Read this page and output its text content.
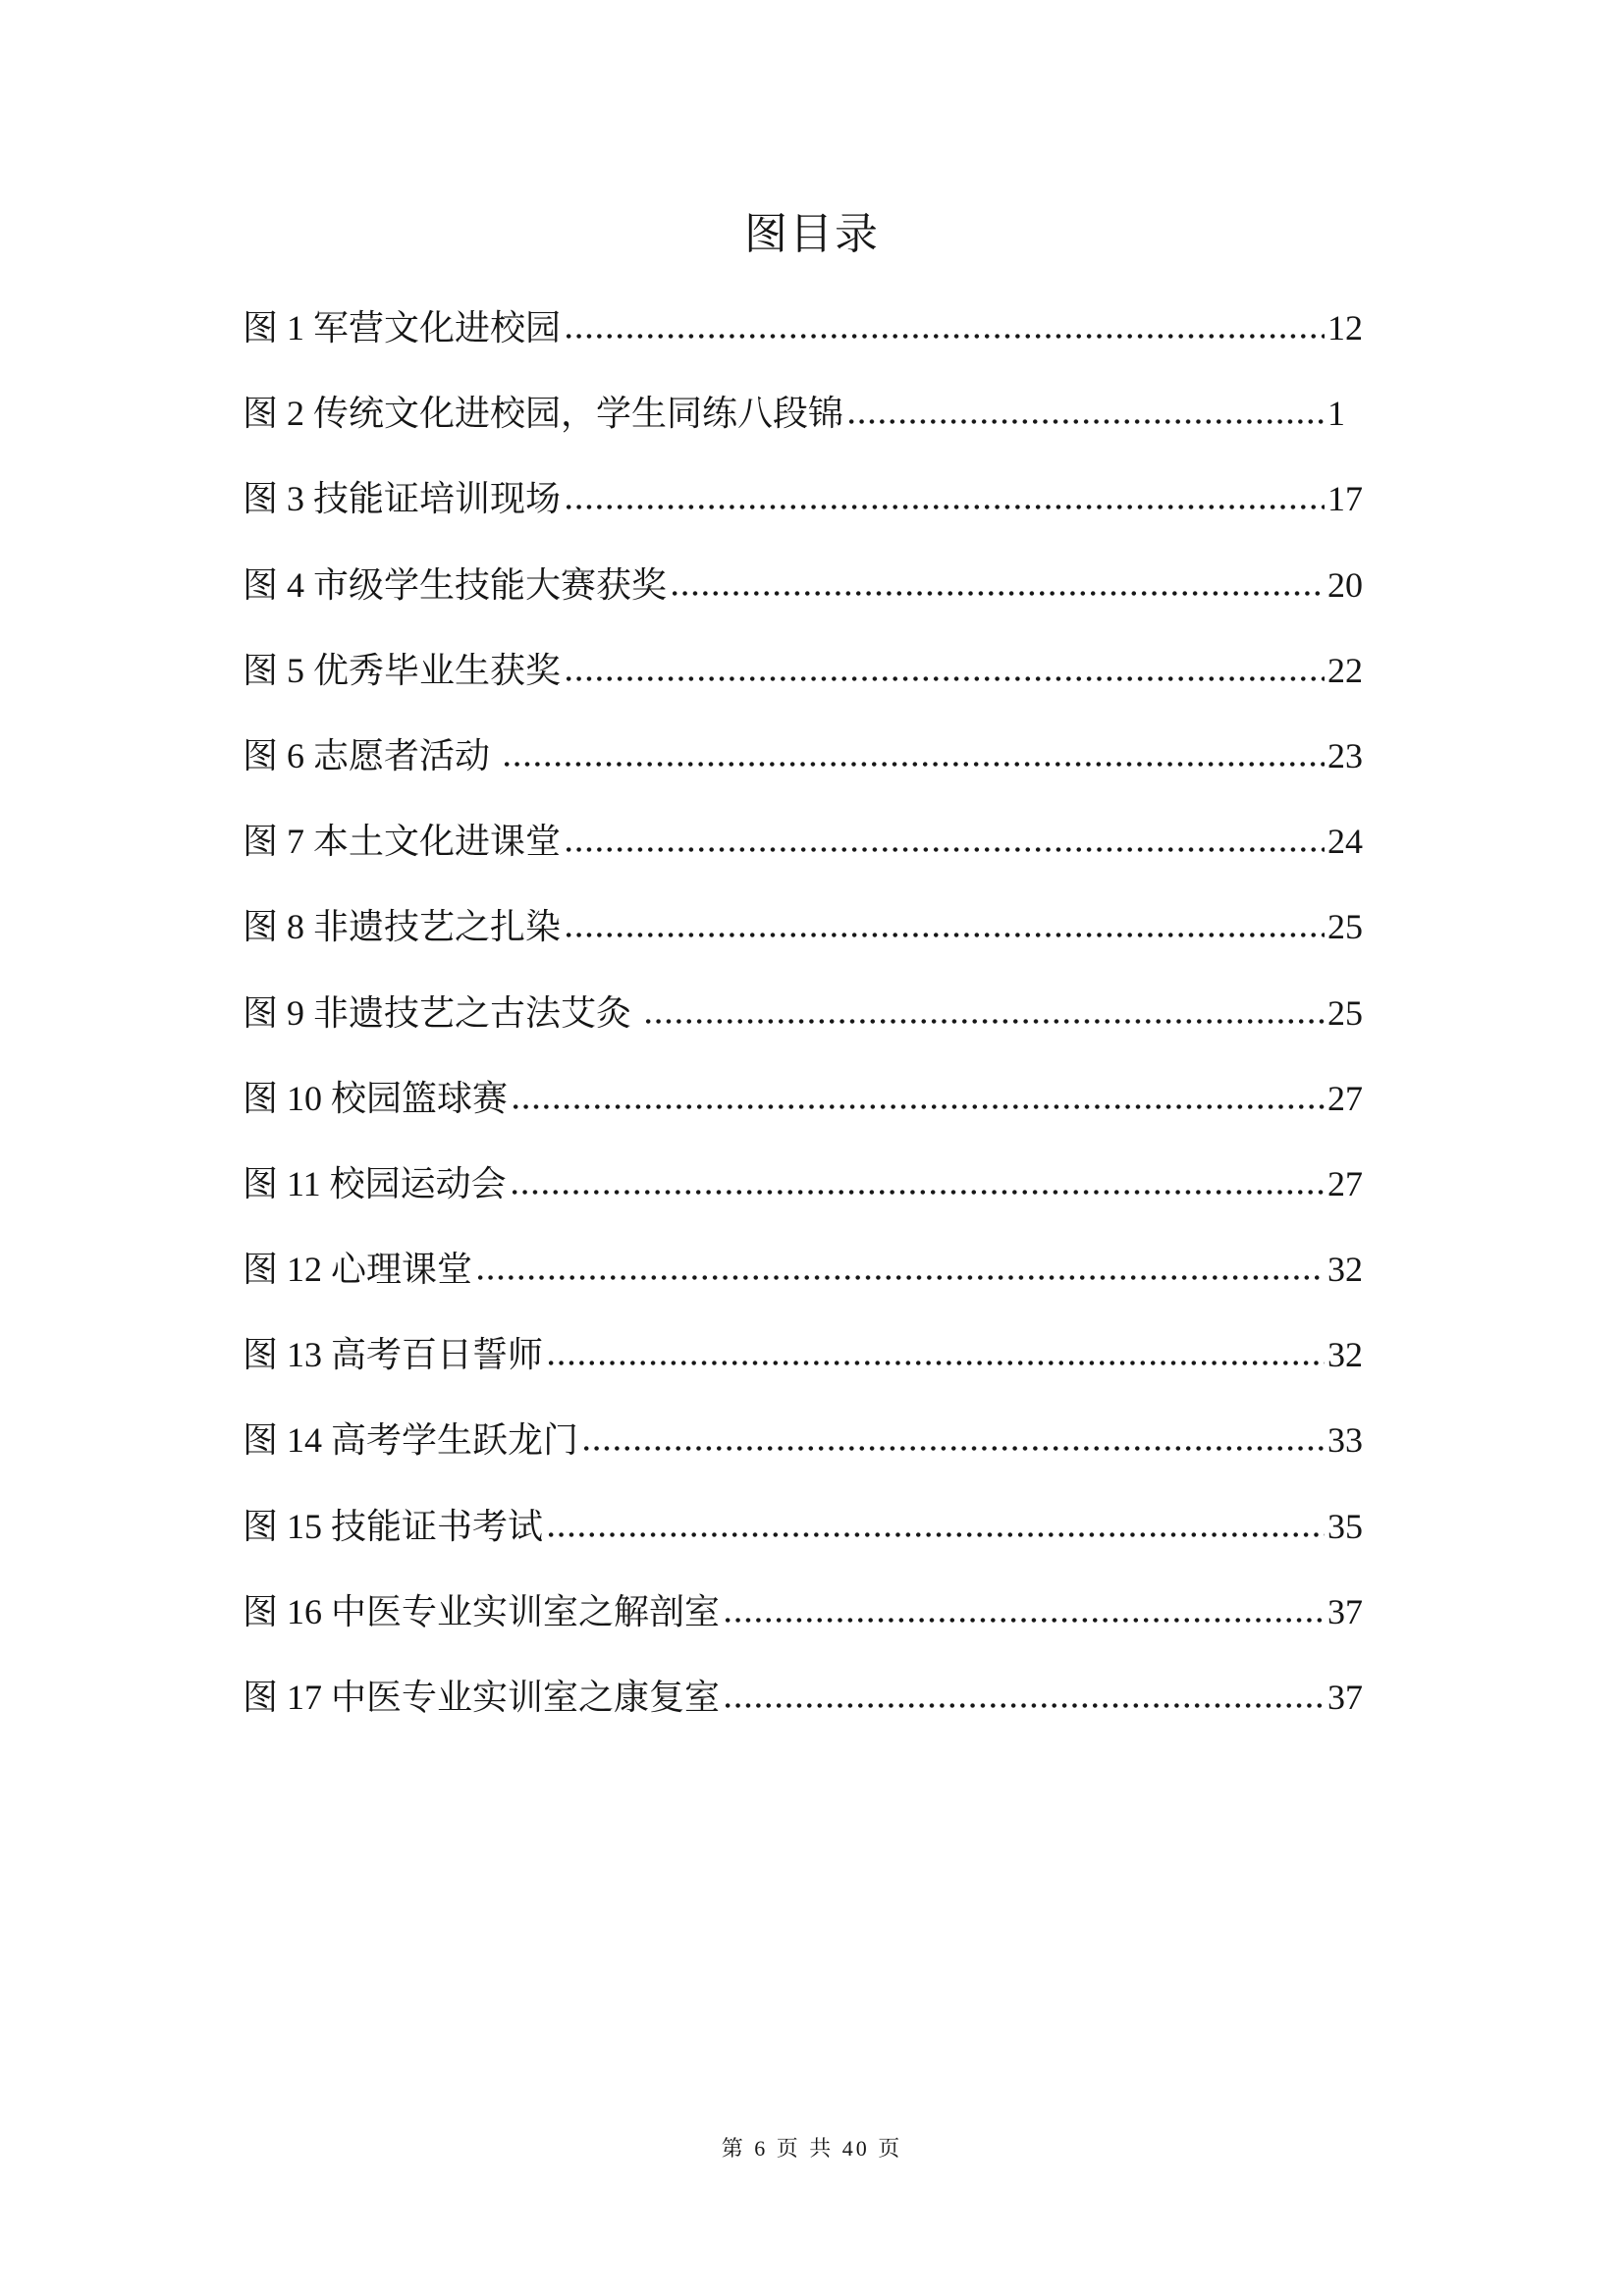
图目录
图 1 军营文化进校园	12
图 2 传统文化进校园，学生同练八段锦	1
图 3 技能证培训现场	17
图 4 市级学生技能大赛获奖	20
图 5 优秀毕业生获奖	22
图 6 志愿者活动	23
图 7 本土文化进课堂	24
图 8 非遗技艺之扎染	25
图 9 非遗技艺之古法艾灸	25
图 10 校园篮球赛	27
图 11 校园运动会	27
图 12 心理课堂	32
图 13 高考百日誓师	32
图 14 高考学生跃龙门	33
图 15 技能证书考试	35
图 16 中医专业实训室之解剖室	37
图 17 中医专业实训室之康复室	37
第 6 页 共 40 页
